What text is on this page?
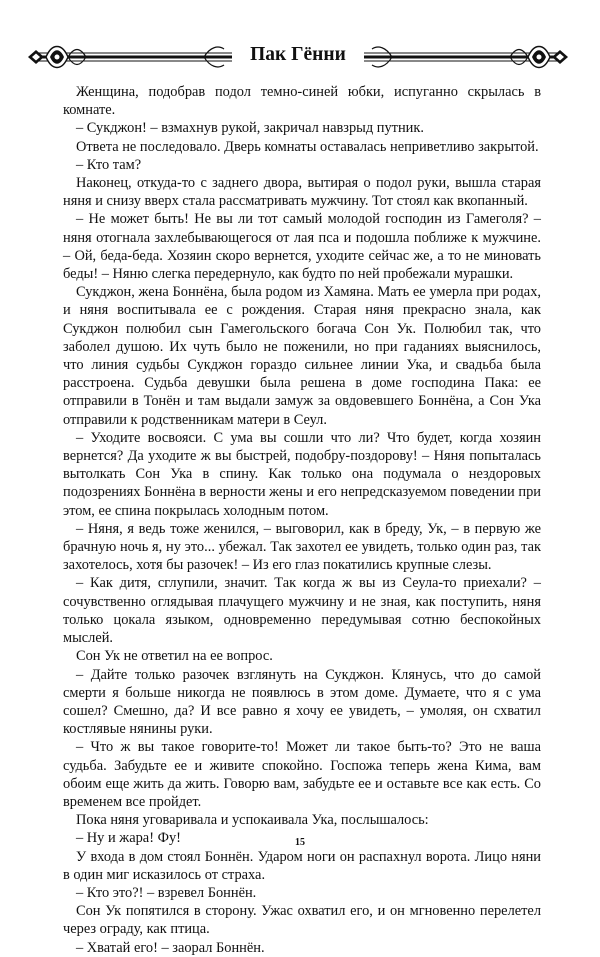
Пак Гённи

Женщина, подобрав подол темно-синей юбки, испуганно скрылась в комнате.

– Сукджон! – взмахнув рукой, закричал навзрыд путник.

Ответа не последовало. Дверь комнаты оставалась неприветливо закрытой.

– Кто там?

Наконец, откуда-то с заднего двора, вытирая о подол руки, вышла старая няня и снизу вверх стала рассматривать мужчину. Тот стоял как вкопанный.

– Не может быть! Не вы ли тот самый молодой господин из Гамеголя? – няня отогнала захлебывающегося от лая пса и подошла поближе к мужчине. – Ой, беда-беда. Хозяин скоро вернется, уходите сейчас же, а то не миновать беды! – Няню слегка передернуло, как будто по ней пробежали мурашки.

Сукджон, жена Боннёна, была родом из Хамяна. Мать ее умерла при родах, и няня воспитывала ее с рождения. Старая няня прекрасно знала, как Сукджон полюбил сын Гамегольского богача Сон Ук. Полюбил так, что заболел душою. Их чуть было не поженили, но при гаданиях выяснилось, что линия судьбы Сукджон гораздо сильнее линии Ука, и свадьба была расстроена. Судьба девушки была решена в доме господина Пака: ее отправили в Тонён и там выдали замуж за овдовевшего Боннёна, а Сон Ука отправили к родственникам матери в Сеул.

– Уходите восвояси. С ума вы сошли что ли? Что будет, когда хозяин вернется? Да уходите ж вы быстрей, подобру-поздорову! – Няня попыталась вытолкать Сон Ука в спину. Как только она подумала о нездоровых подозрениях Боннёна в верности жены и его непредсказуемом поведении при этом, ее спина покрылась холодным потом.

– Няня, я ведь тоже женился, – выговорил, как в бреду, Ук, – в первую же брачную ночь я, ну это... убежал. Так захотел ее увидеть, только один раз, так захотелось, хотя бы разочек! – Из его глаз покатились крупные слезы.

– Как дитя, сглупили, значит. Так когда ж вы из Сеула-то приехали? – сочувственно оглядывая плачущего мужчину и не зная, как поступить, няня только цокала языком, одновременно передумывая сотню беспокойных мыслей.

Сон Ук не ответил на ее вопрос.

– Дайте только разочек взглянуть на Сукджон. Клянусь, что до самой смерти я больше никогда не появлюсь в этом доме. Думаете, что я с ума сошел? Смешно, да? И все равно я хочу ее увидеть, – умоляя, он схватил костлявые нянины руки.

– Что ж вы такое говорите-то! Может ли такое быть-то? Это не ваша судьба. Забудьте ее и живите спокойно. Госпожа теперь жена Кима, вам обоим еще жить да жить. Говорю вам, забудьте ее и оставьте все как есть. Со временем все пройдет.

Пока няня уговаривала и успокаивала Ука, послышалось:

– Ну и жара! Фу!

У входа в дом стоял Боннён. Ударом ноги он распахнул ворота. Лицо няни в один миг исказилось от страха.

– Кто это?! – взревел Боннён.

Сон Ук попятился в сторону. Ужас охватил его, и он мгновенно перелетел через ограду, как птица.

– Хватай его! – заорал Боннён.

15
